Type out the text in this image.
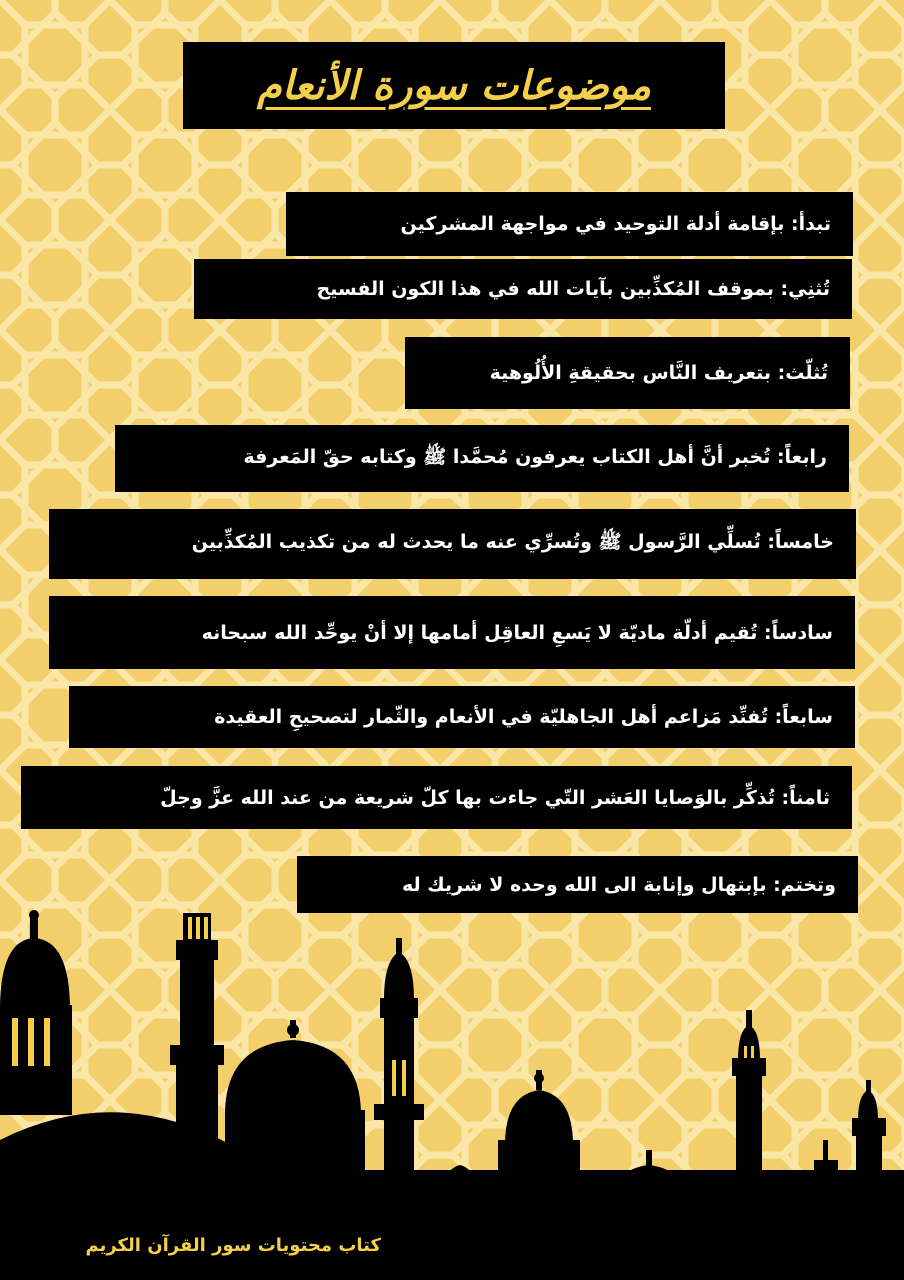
موضوعات سورة الأنعام
تبدأ: بإقامة أدلة التوحيد في مواجهة المشركين
تُثنِي: بموقف المُكذِّبين بآيات الله في هذا الكون الفسيح
تُثلّث: بتعريف النَّاس بحقيقةِ الأُلُوهية
رابعاً: تُخبر أنَّ أهل الكتاب يعرفون مُحمَّدا ﷺ وكتابه حقّ المَعرفة
خامساً: تُسلِّي الرَّسول ﷺ وتُسرِّي عنه ما يحدث له من تكذيب المُكذِّبين
سادساً: تُقيم أدلّة ماديّة لا يَسعِ العاقِل أمامها إلا أنْ يوحِّد الله سبحانه
سابعاً: تُفنِّد مَزاعم أهل الجاهليّة في الأنعام والثّمار لتصحيحِ العقيدة
ثامناً: تُذكِّر بالوَصايا العَشر التّي جاءت بها كلّ شريعة من عند الله عزَّ وجلّ
وتختم: بإبتهال وإنابة الى الله وحده لا شريك له
كتاب محتويات سور القرآن الكريم
